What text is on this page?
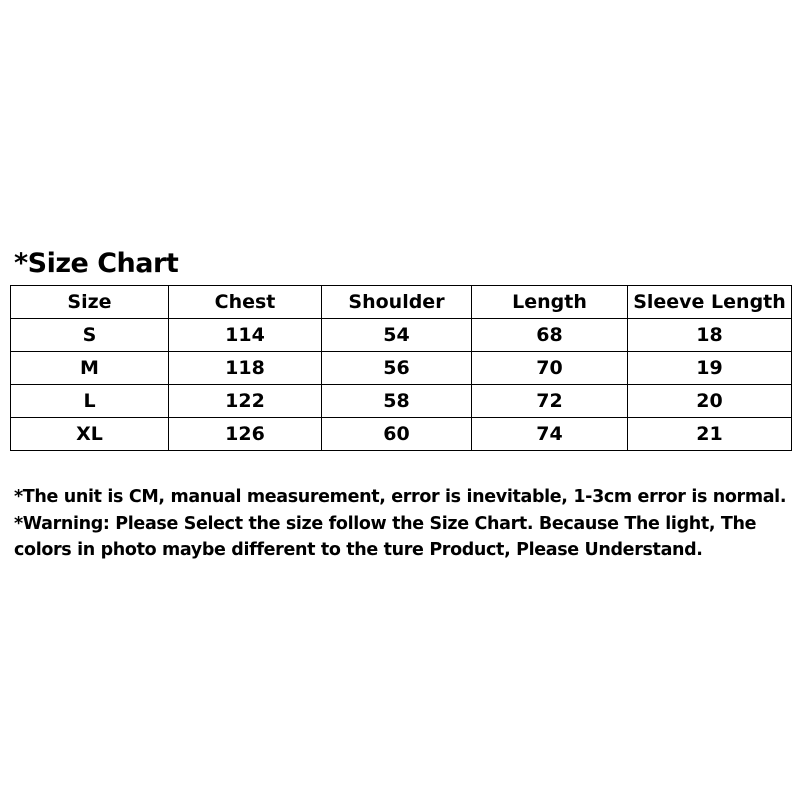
*Size Chart
Size	Chest	Shoulder	Length	Sleeve Length
S	114	54	68	18
M	118	56	70	19
L	122	58	72	20
XL	126	60	74	21

*The unit is CM, manual measurement, error is inevitable, 1-3cm error is normal.

*Warning: Please Select the size follow the Size Chart. Because The light, The colors in photo maybe different to the ture Product, Please Understand.
